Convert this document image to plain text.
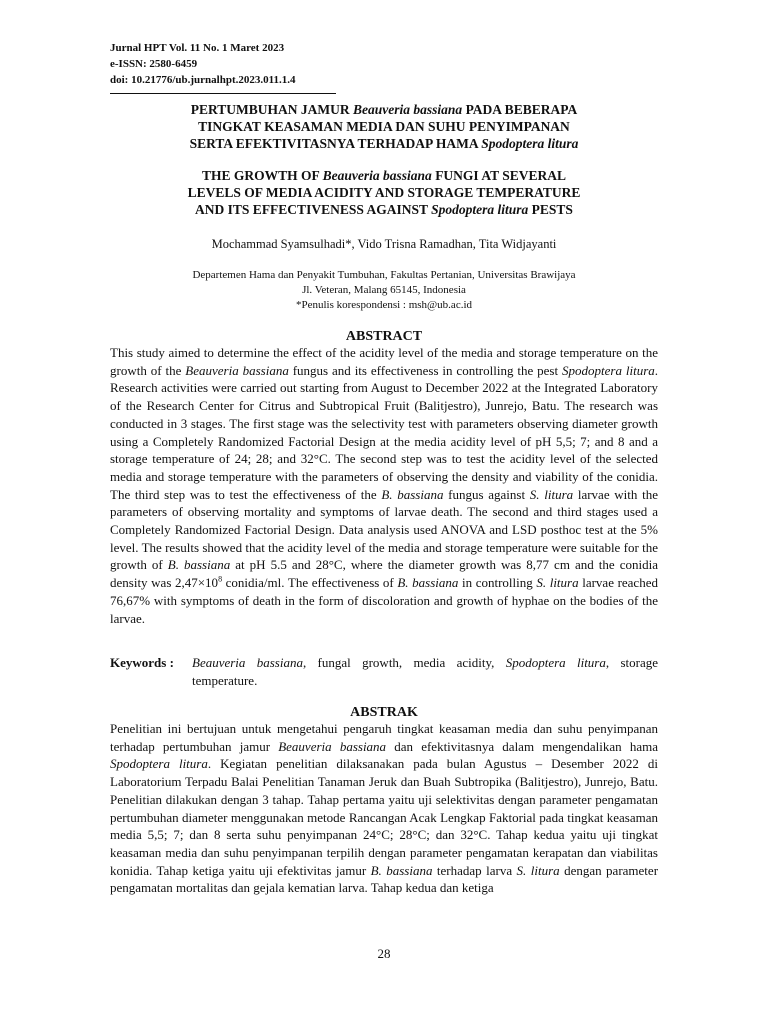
Jurnal HPT Vol. 11 No. 1 Maret 2023
e-ISSN: 2580-6459
doi: 10.21776/ub.jurnalhpt.2023.011.1.4
PERTUMBUHAN JAMUR Beauveria bassiana PADA BEBERAPA
TINGKAT KEASAMAN MEDIA DAN SUHU PENYIMPANAN
SERTA EFEKTIVITASNYA TERHADAP HAMA Spodoptera litura
THE GROWTH OF Beauveria bassiana FUNGI AT SEVERAL
LEVELS OF MEDIA ACIDITY AND STORAGE TEMPERATURE
AND ITS EFFECTIVENESS AGAINST Spodoptera litura PESTS
Mochammad Syamsulhadi*, Vido Trisna Ramadhan, Tita Widjayanti
Departemen Hama dan Penyakit Tumbuhan, Fakultas Pertanian, Universitas Brawijaya
Jl. Veteran, Malang 65145, Indonesia
*Penulis korespondensi : msh@ub.ac.id
ABSTRACT
This study aimed to determine the effect of the acidity level of the media and storage temperature on the growth of the Beauveria bassiana fungus and its effectiveness in controlling the pest Spodoptera litura. Research activities were carried out starting from August to December 2022 at the Integrated Laboratory of the Research Center for Citrus and Subtropical Fruit (Balitjestro), Junrejo, Batu. The research was conducted in 3 stages. The first stage was the selectivity test with parameters observing diameter growth using a Completely Randomized Factorial Design at the media acidity level of pH 5,5; 7; and 8 and a storage temperature of 24; 28; and 32°C. The second step was to test the acidity level of the selected media and storage temperature with the parameters of observing the density and viability of the conidia. The third step was to test the effectiveness of the B. bassiana fungus against S. litura larvae with the parameters of observing mortality and symptoms of larvae death. The second and third stages used a Completely Randomized Factorial Design. Data analysis used ANOVA and LSD posthoc test at the 5% level. The results showed that the acidity level of the media and storage temperature were suitable for the growth of B. bassiana at pH 5.5 and 28°C, where the diameter growth was 8,77 cm and the conidia density was $2,47\times 10^8$ conidia/ml. The effectiveness of B. bassiana in controlling S. litura larvae reached 76,67% with symptoms of death in the form of discoloration and growth of hyphae on the bodies of the larvae.
Keywords : Beauveria bassiana, fungal growth, media acidity, Spodoptera litura, storage temperature.
ABSTRAK
Penelitian ini bertujuan untuk mengetahui pengaruh tingkat keasaman media dan suhu penyimpanan terhadap pertumbuhan jamur Beauveria bassiana dan efektivitasnya dalam mengendalikan hama Spodoptera litura. Kegiatan penelitian dilaksanakan pada bulan Agustus – Desember 2022 di Laboratorium Terpadu Balai Penelitian Tanaman Jeruk dan Buah Subtropika (Balitjestro), Junrejo, Batu. Penelitian dilakukan dengan 3 tahap. Tahap pertama yaitu uji selektivitas dengan parameter pengamatan pertumbuhan diameter menggunakan metode Rancangan Acak Lengkap Faktorial pada tingkat keasaman media 5,5; 7; dan 8 serta suhu penyimpanan 24°C; 28°C; dan 32°C. Tahap kedua yaitu uji tingkat keasaman media dan suhu penyimpanan terpilih dengan parameter pengamatan kerapatan dan viabilitas konidia. Tahap ketiga yaitu uji efektivitas jamur B. bassiana terhadap larva S. litura dengan parameter pengamatan mortalitas dan gejala kematian larva. Tahap kedua dan ketiga
28
